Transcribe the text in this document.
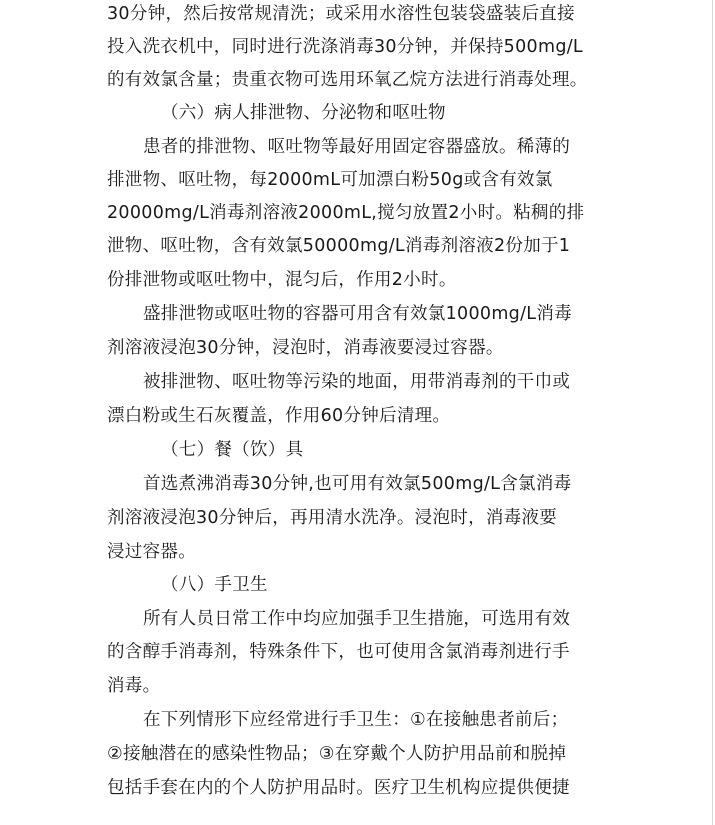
30分钟，然后按常规清洗；或采用水溶性包装袋盛装后直接
投入洗衣机中，同时进行洗涤消毒30分钟，并保持500mg/L
的有效氯含量；贵重衣物可选用环氧乙烷方法进行消毒处理。
（六）病人排泄物、分泌物和呕吐物
患者的排泄物、呕吐物等最好用固定容器盛放。稀薄的
排泄物、呕吐物，每2000mL可加漂白粉50g或含有效氯
20000mg/L消毒剂溶液2000mL,搅匀放置2小时。粘稠的排
泄物、呕吐物，含有效氯50000mg/L消毒剂溶液2份加于1
份排泄物或呕吐物中，混匀后，作用2小时。
盛排泄物或呕吐物的容器可用含有效氯1000mg/L消毒
剂溶液浸泡30分钟，浸泡时，消毒液要浸过容器。
被排泄物、呕吐物等污染的地面，用带消毒剂的干巾或
漂白粉或生石灰覆盖，作用60分钟后清理。
（七）餐（饮）具
首选煮沸消毒30分钟,也可用有效氯500mg/L含氯消毒
剂溶液浸泡30分钟后，再用清水洗净。浸泡时，消毒液要
浸过容器。
（八）手卫生
所有人员日常工作中均应加强手卫生措施，可选用有效
的含醇手消毒剂，特殊条件下，也可使用含氯消毒剂进行手
消毒。
在下列情形下应经常进行手卫生：①在接触患者前后；
②接触潜在的感染性物品；③在穿戴个人防护用品前和脱掉
包括手套在内的个人防护用品时。医疗卫生机构应提供便捷
